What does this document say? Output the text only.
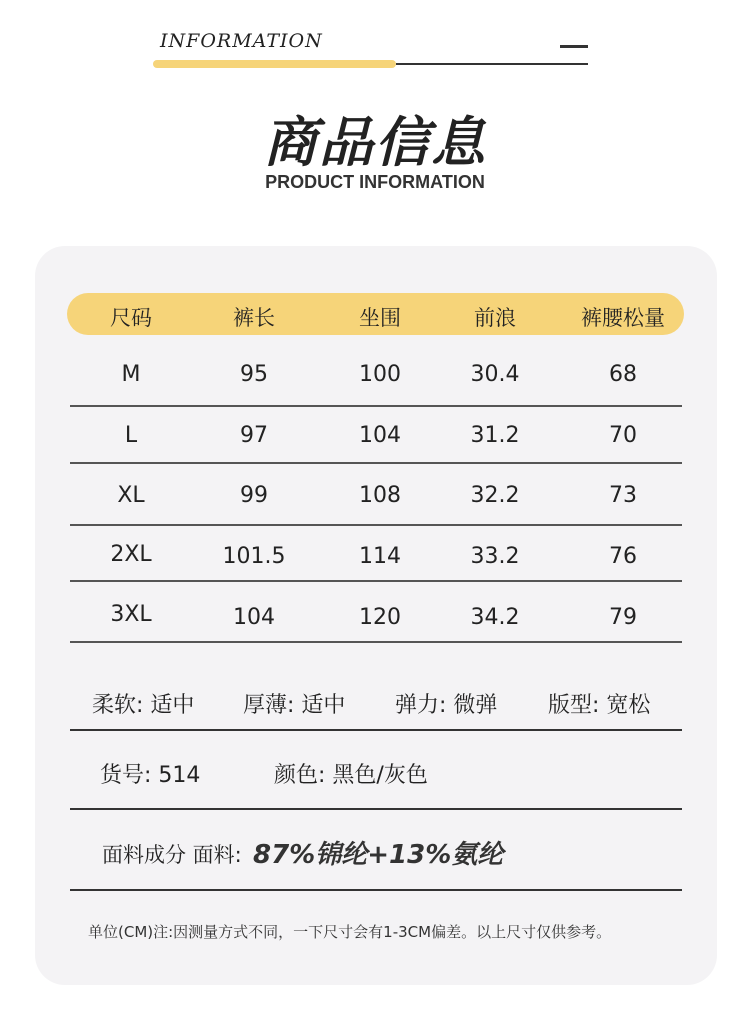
INFORMATION
商品信息
PRODUCT INFORMATION
尺码	裤长	坐围	前浪	裤腰松量
M	95	100	30.4	68
L	97	104	31.2	70
XL	99	108	32.2	73
2XL	101.5	114	33.2	76
3XL	104	120	34.2	79
柔软: 适中 厚薄: 适中 弹力: 微弹 版型: 宽松
货号: 514	颜色: 黑色/灰色
面料成分 面料: 87%锦纶+13%氨纶
单位(CM)注:因测量方式不同，一下尺寸会有1-3CM偏差。以上尺寸仅供参考。
